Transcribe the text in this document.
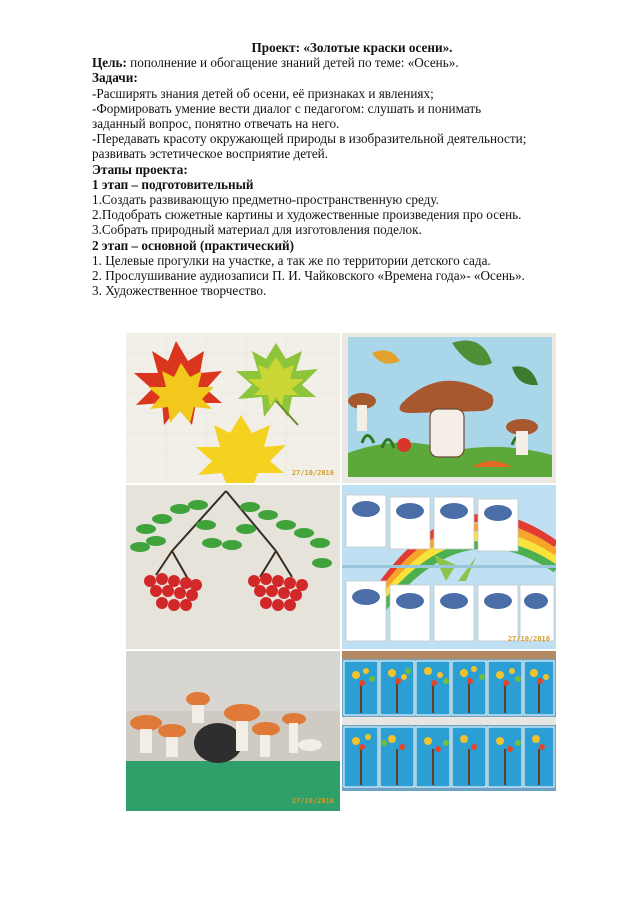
Проект: «Золотые краски осени».

Цель: пополнение и обогащение знаний детей по теме: «Осень».

Задачи:

-Расширять знания детей об осени, её признаках и явлениях;

-Формировать умение вести диалог с педагогом: слушать и понимать

заданный вопрос, понятно отвечать на него.

-Передавать красоту окружающей природы в изобразительной деятельности;

развивать эстетическое восприятие детей.

Этапы проекта:

1 этап – подготовительный

1.Создать развивающую предметно-пространственную среду.

2.Подобрать сюжетные картины и художественные произведения про осень.

3.Собрать природный материал для изготовления поделок.

2 этап – основной (практический)

1. Целевые прогулки на участке, а так же по территории детского сада.

2. Прослушивание аудиозаписи П. И. Чайковского «Времена года»- «Осень».

3. Художественное творчество.

27/10/2016
27/10/2016
27/10/2016
